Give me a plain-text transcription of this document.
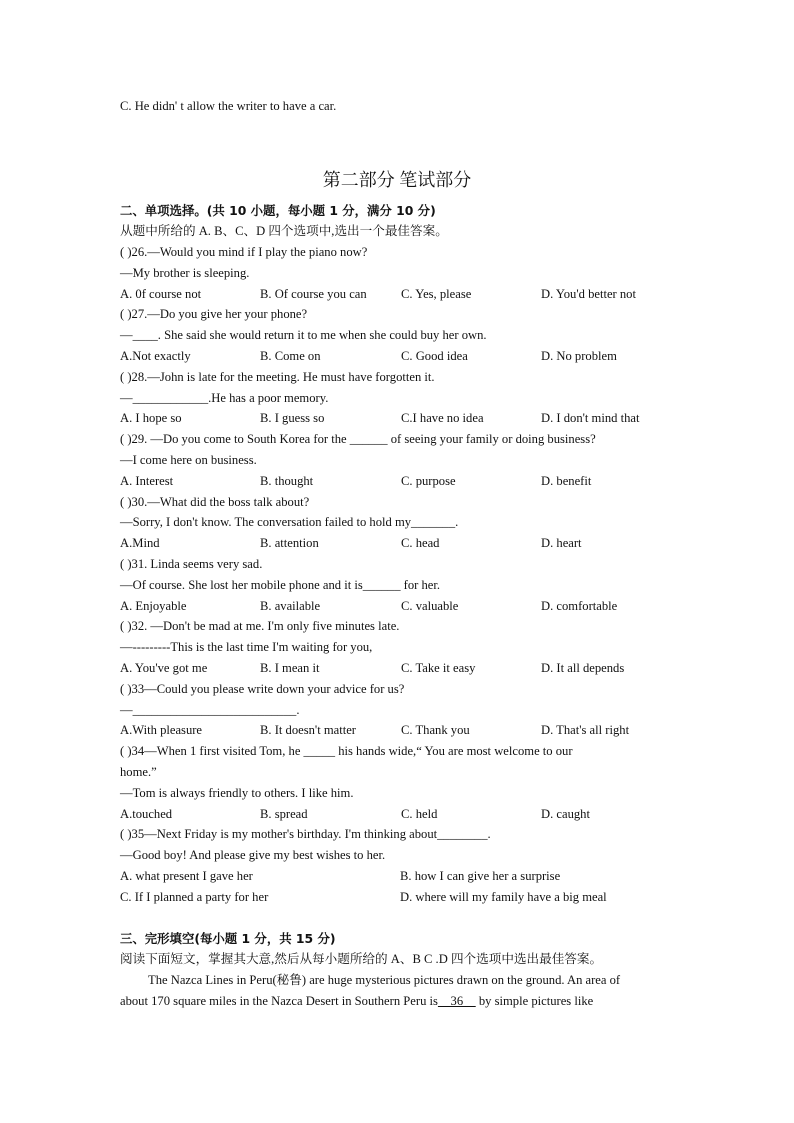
C. He didn' t allow the writer to have a car.
第二部分 笔试部分
二、单项选择。(共 10 小题，每小题 1 分，满分 10 分)
从题中所给的 A. B、C、D 四个选项中,选出一个最佳答案。
( )26.—Would you mind if I play the piano now?
—My brother is sleeping.
A. 0f course not	B. Of course you can	C. Yes, please	D. You'd better not
( )27.—Do you give her your phone?
—____. She said she would return it to me when she could buy her own.
A.Not exactly	B. Come on	C. Good idea	D. No problem
( )28.—John is late for the meeting. He must have forgotten it.
—____________.He has a poor memory.
A. I hope so	B. I guess so	C.I have no idea	D. I don't mind that
( )29. —Do you come to South Korea for the ______ of seeing your family or doing business?
—I come here on business.
A. Interest	B. thought	C. purpose	D. benefit
( )30.—What did the boss talk about?
—Sorry, I don't know. The conversation failed to hold my_______.
A.Mind	B. attention	C. head	D. heart
( )31. Linda seems very sad.
—Of course. She lost her mobile phone and it is______ for her.
A. Enjoyable	B. available	C. valuable	D. comfortable
( )32. —Don't be mad at me. I'm only five minutes late.
—---------This is the last time I'm waiting for you,
A. You've got me	B. I mean it	C. Take it easy	D. It all depends
( )33—Could you please write down your advice for us?
—__________________________.
A.With pleasure	B. It doesn't matter	C. Thank you	D. That's all right
( )34—When 1 first visited Tom, he _____ his hands wide,“ You are most welcome to our
home.”
—Tom is always friendly to others. I like him.
A.touched	B. spread	C. held	D. caught
( )35—Next Friday is my mother's birthday. I'm thinking about________.
—Good boy! And please give my best wishes to her.
A. what present I gave her	B. how I can give her a surprise
C. If I planned a party for her	D. where will my family have a big meal
三、完形填空(每小题 1 分，共 15 分)
阅读下面短文，掌握其大意,然后从每小题所给的 A、B C .D 四个选项中选出最佳答案。
The Nazca Lines in Peru(秘鲁) are huge mysterious pictures drawn on the ground. An area of
about 170 square miles in the Nazca Desert in Southern Peru is    36     by simple pictures like
